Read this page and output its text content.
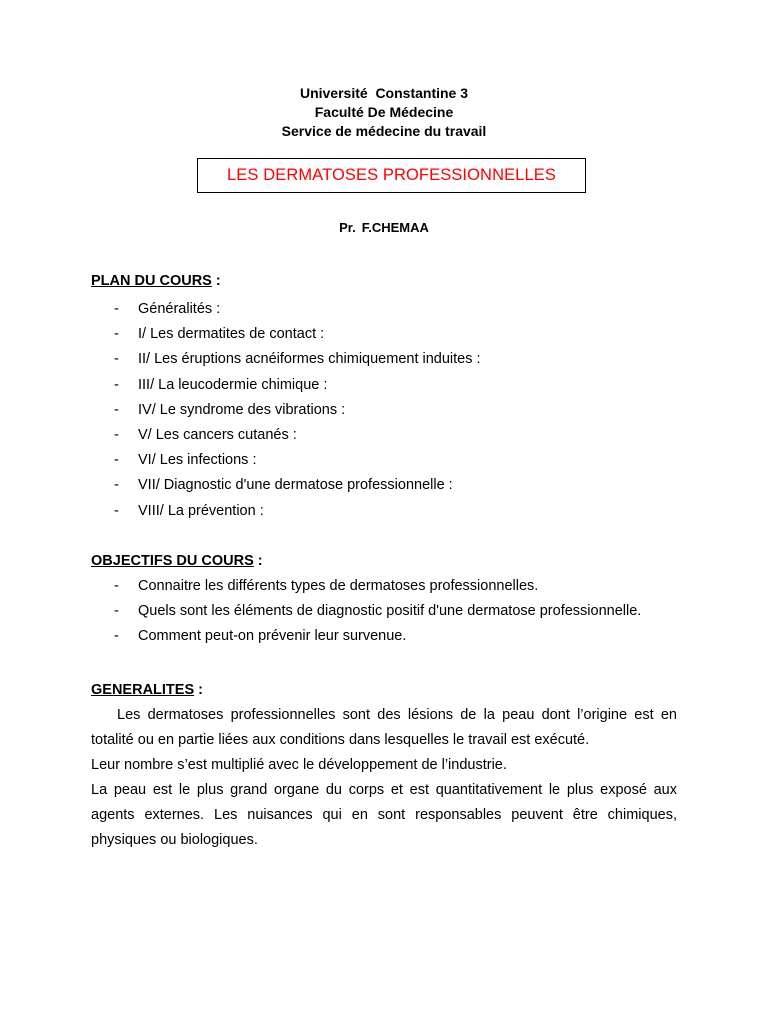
Université  Constantine 3
Faculté De Médecine
Service de médecine du travail
LES DERMATOSES PROFESSIONNELLES
Pr. F.CHEMAA
PLAN DU COURS :
- Généralités :
- I/ Les dermatites de contact :
- II/ Les éruptions acnéiformes chimiquement induites :
- III/ La leucodermie chimique :
- IV/ Le syndrome des vibrations :
- V/ Les cancers cutanés :
- VI/ Les infections :
- VII/ Diagnostic d'une dermatose professionnelle :
- VIII/ La prévention :
OBJECTIFS DU COURS :
- Connaitre les différents types de dermatoses professionnelles.
- Quels sont les éléments de diagnostic positif d'une dermatose professionnelle.
- Comment peut-on prévenir leur survenue.
GENERALITES :

Les dermatoses professionnelles sont des lésions de la peau dont l’origine est en totalité ou en partie liées aux conditions dans lesquelles le travail est exécuté.

Leur nombre s’est multiplié avec le développement de l’industrie.

La peau est le plus grand organe du corps et est quantitativement le plus exposé aux agents externes. Les nuisances qui en sont responsables peuvent être chimiques, physiques ou biologiques.
